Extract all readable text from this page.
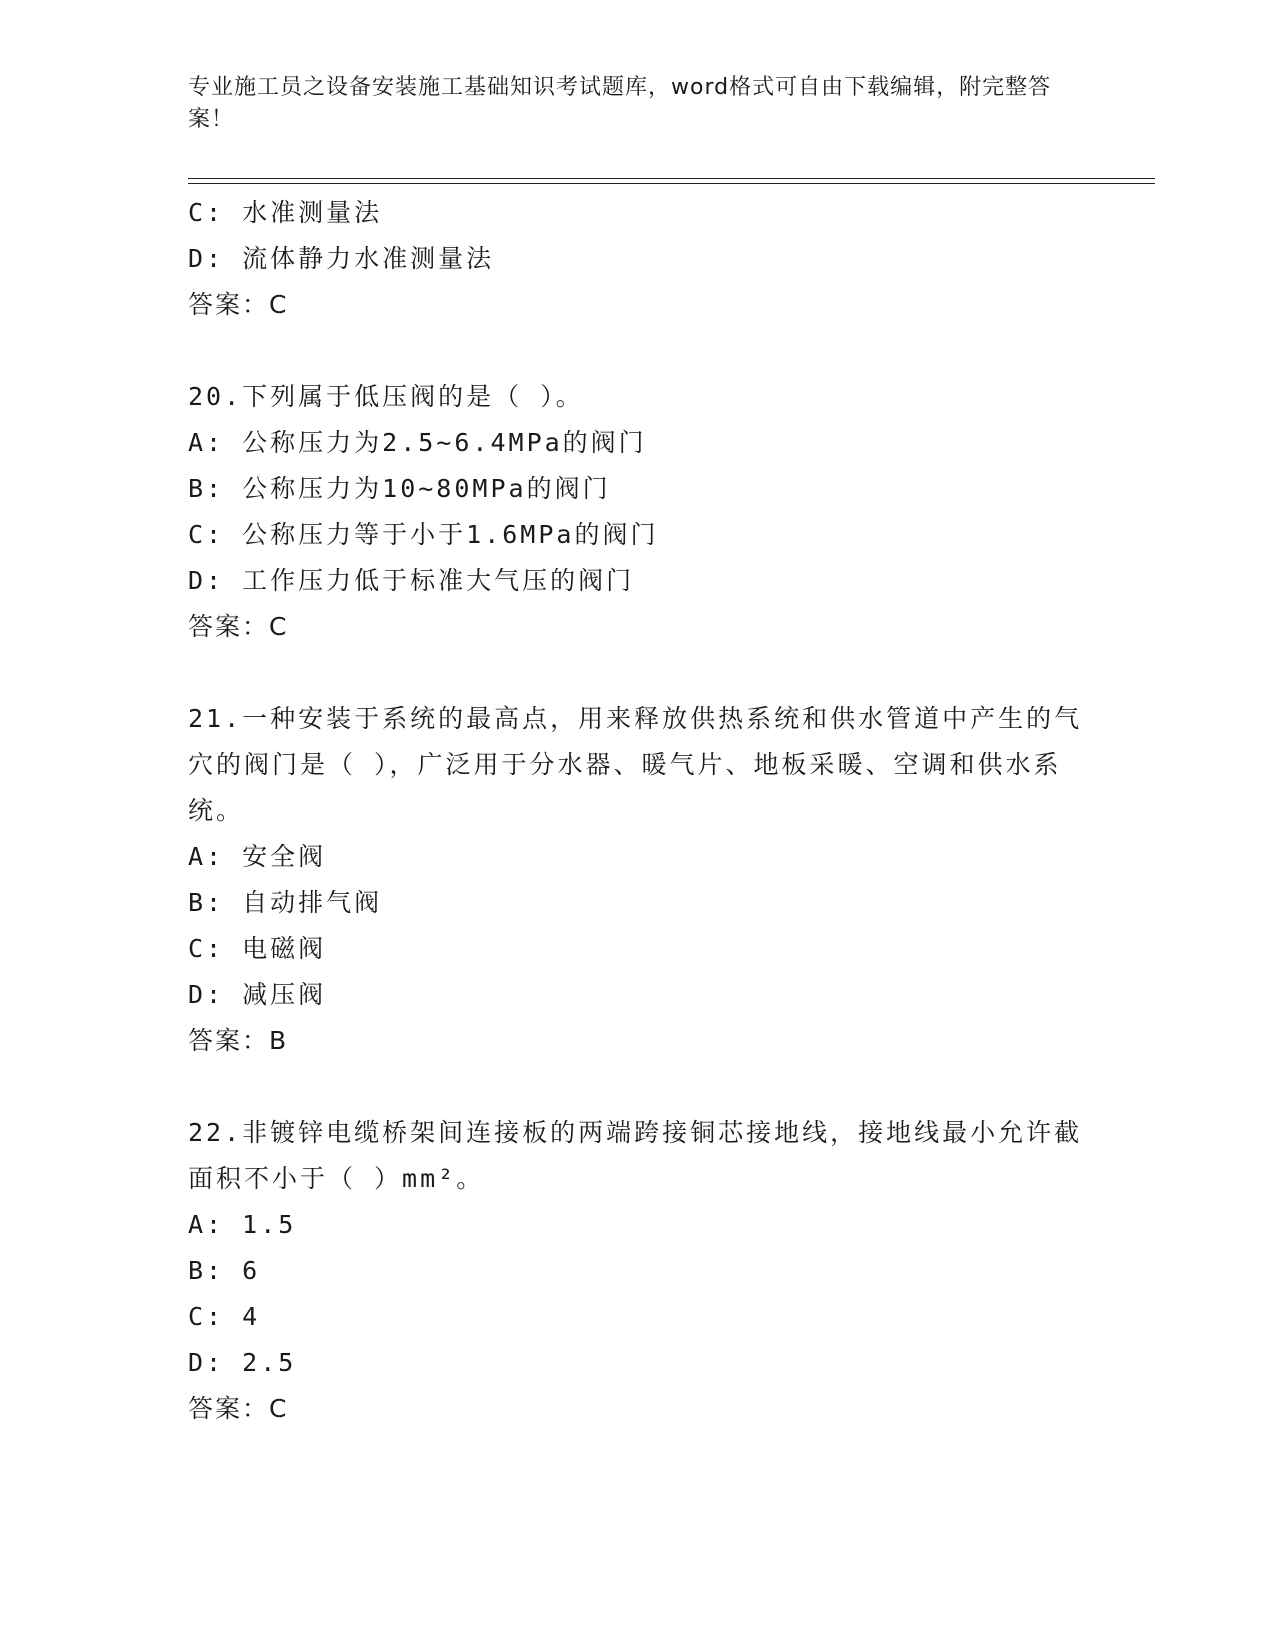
专业施工员之设备安装施工基础知识考试题库，word格式可自由下载编辑，附完整答案！
C: 水准测量法
D: 流体静力水准测量法
答案：C
20.下列属于低压阀的是（ ）。
A: 公称压力为2.5~6.4MPa的阀门
B: 公称压力为10~80MPa的阀门
C: 公称压力等于小于1.6MPa的阀门
D: 工作压力低于标准大气压的阀门
答案：C
21.一种安装于系统的最高点，用来释放供热系统和供水管道中产生的气穴的阀门是（ ），广泛用于分水器、暖气片、地板采暖、空调和供水系统。
A: 安全阀
B: 自动排气阀
C: 电磁阀
D: 减压阀
答案：B
22.非镀锌电缆桥架间连接板的两端跨接铜芯接地线，接地线最小允许截面积不小于（ ）mm²。
A: 1.5
B: 6
C: 4
D: 2.5
答案：C
